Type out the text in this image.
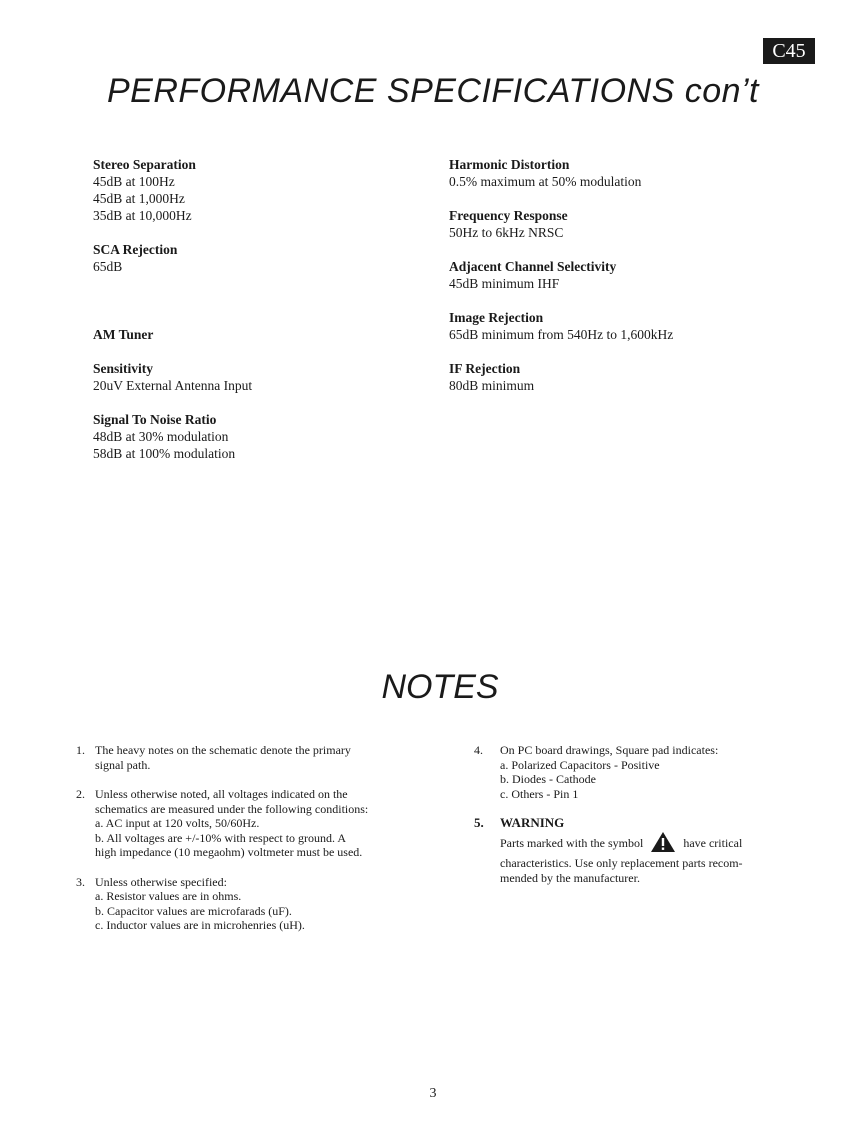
C45
PERFORMANCE SPECIFICATIONS con’t
Stereo Separation
45dB at 100Hz
45dB at 1,000Hz
35dB at 10,000Hz
SCA Rejection
65dB
AM Tuner
Sensitivity
20uV External Antenna Input
Signal To Noise Ratio
48dB at 30% modulation
58dB at 100% modulation
Harmonic Distortion
0.5% maximum at 50% modulation
Frequency Response
50Hz to 6kHz NRSC
Adjacent Channel Selectivity
45dB minimum IHF
Image Rejection
65dB minimum from 540Hz to 1,600kHz
IF Rejection
80dB minimum
NOTES
1. The heavy notes on the schematic denote the primary
signal path.
2. Unless otherwise noted, all voltages indicated on the
schematics are measured under the following conditions:
a. AC input at 120 volts, 50/60Hz.
b. All voltages are +/-10% with respect to ground. A
high impedance (10 megaohm) voltmeter must be used.
3. Unless otherwise specified:
a. Resistor values are in ohms.
b. Capacitor values are microfarads (uF).
c. Inductor values are in microhenries (uH).
4. On PC board drawings, Square pad indicates:
a. Polarized Capacitors - Positive
b. Diodes - Cathode
c. Others - Pin 1
5. WARNING
Parts marked with the symbol	have critical
characteristics. Use only replacement parts recom-
mended by the manufacturer.
3
